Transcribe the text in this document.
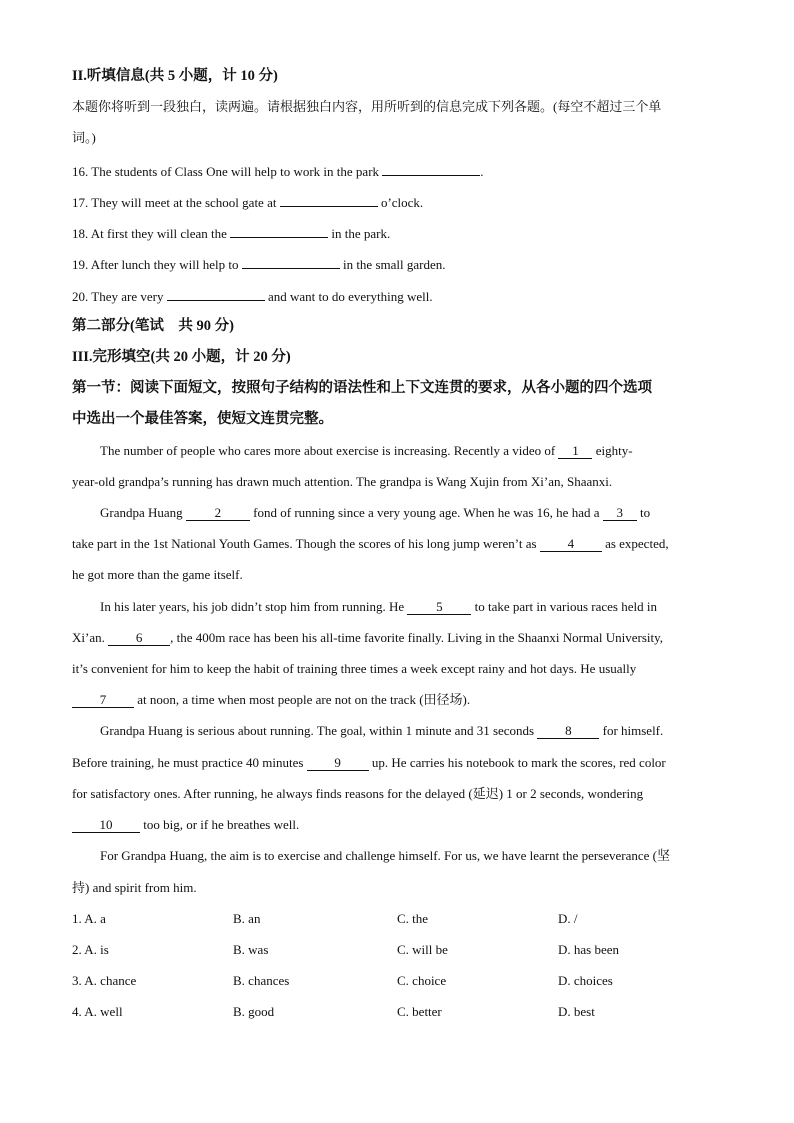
II.听填信息(共 5 小题，计 10 分)
本题你将听到一段独白，读两遍。请根据独白内容，用所听到的信息完成下列各题。(每空不超过三个单
词。)
16. The students of Class One will help to work in the park	.
17. They will meet at the school gate at	o’clock.
18. At first they will clean the	in the park.
19. After lunch they will help to	in the small garden.
20. They are very	and want to do everything well.
第二部分(笔试　共 90 分)
III.完形填空(共 20 小题，计 20 分)
第一节：阅读下面短文，按照句子结构的语法性和上下文连贯的要求，从各小题的四个选项
中选出一个最佳答案，使短文连贯完整。
The number of people who cares more about exercise is increasing. Recently a video of 1 eighty-
year-old grandpa’s running has drawn much attention. The grandpa is Wang Xujin from Xi’an, Shaanxi.
Grandpa Huang 2 fond of running since a very young age. When he was 16, he had a 3 to
take part in the 1st National Youth Games. Though the scores of his long jump weren’t as 4 as expected,
he got more than the game itself.
In his later years, his job didn’t stop him from running. He 5 to take part in various races held in
Xi’an. 6 , the 400m race has been his all-time favorite finally. Living in the Shaanxi Normal University,
it’s convenient for him to keep the habit of training three times a week except rainy and hot days. He usually
7 at noon, a time when most people are not on the track (田径场).
Grandpa Huang is serious about running. The goal, within 1 minute and 31 seconds 8 for himself.
Before training, he must practice 40 minutes 9 up. He carries his notebook to mark the scores, red color
for satisfactory ones. After running, he always finds reasons for the delayed (延迟) 1 or 2 seconds, wondering
10 too big, or if he breathes well.
For Grandpa Huang, the aim is to exercise and challenge himself. For us, we have learnt the perseverance (坚
持) and spirit from him.
1. A. a	B. an	C. the	D. /
2. A. is	B. was	C. will be	D. has been
3. A. chance	B. chances	C. choice	D. choices
4. A. well	B. good	C. better	D. best
